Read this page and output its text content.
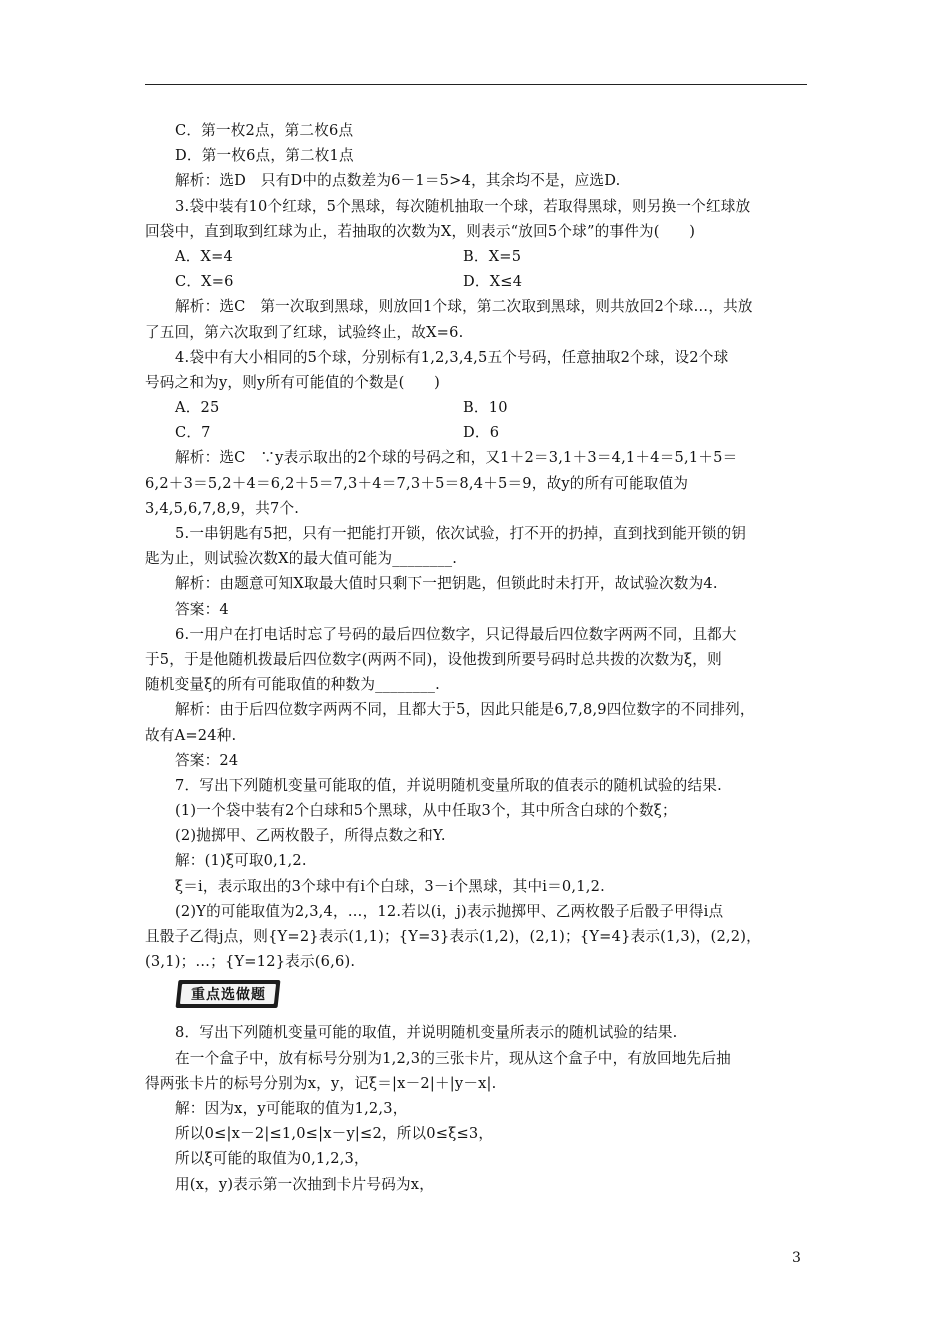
C．第一枚2点，第二枚6点
D．第一枚6点，第二枚1点
解析：选D　只有D中的点数差为6－1＝5>4，其余均不是，应选D.
3.袋中装有10个红球，5个黑球，每次随机抽取一个球，若取得黑球，则另换一个红球放
回袋中，直到取到红球为止，若抽取的次数为X，则表示“放回5个球”的事件为(　　)
A．X=4	B．X=5
C．X=6	D．X≤4
解析：选C　第一次取到黑球，则放回1个球，第二次取到黑球，则共放回2个球…，共放
了五回，第六次取到了红球，试验终止，故X=6.
4.袋中有大小相同的5个球，分别标有1,2,3,4,5五个号码，任意抽取2个球，设2个球
号码之和为y，则y所有可能值的个数是(　　)
A．25	B．10
C．7	D．6
解析：选C　∵y表示取出的2个球的号码之和，又1＋2＝3,1＋3＝4,1＋4＝5,1＋5＝
6,2＋3＝5,2＋4＝6,2＋5＝7,3＋4＝7,3＋5＝8,4＋5＝9，故y的所有可能取值为
3,4,5,6,7,8,9，共7个.
5.一串钥匙有5把，只有一把能打开锁，依次试验，打不开的扔掉，直到找到能开锁的钥
匙为止，则试验次数X的最大值可能为________.
解析：由题意可知X取最大值时只剩下一把钥匙，但锁此时未打开，故试验次数为4.
答案：4
6.一用户在打电话时忘了号码的最后四位数字，只记得最后四位数字两两不同，且都大
于5，于是他随机拨最后四位数字(两两不同)，设他拨到所要号码时总共拨的次数为ξ，则
随机变量ξ的所有可能取值的种数为________.
解析：由于后四位数字两两不同，且都大于5，因此只能是6,7,8,9四位数字的不同排列，
故有A=24种.
答案：24
7．写出下列随机变量可能取的值，并说明随机变量所取的值表示的随机试验的结果.
(1)一个袋中装有2个白球和5个黑球，从中任取3个，其中所含白球的个数ξ；
(2)抛掷甲、乙两枚骰子，所得点数之和Y.
解：(1)ξ可取0,1,2.
ξ＝i，表示取出的3个球中有i个白球，3－i个黑球，其中i＝0,1,2.
(2)Y的可能取值为2,3,4，…，12.若以(i，j)表示抛掷甲、乙两枚骰子后骰子甲得i点
且骰子乙得j点，则{Y=2}表示(1,1)；{Y=3}表示(1,2)，(2,1)；{Y=4}表示(1,3)，(2,2)，
(3,1)；…；{Y=12}表示(6,6).
重点选做题
8．写出下列随机变量可能的取值，并说明随机变量所表示的随机试验的结果.
在一个盒子中，放有标号分别为1,2,3的三张卡片，现从这个盒子中，有放回地先后抽
得两张卡片的标号分别为x，y，记ξ＝|x－2|＋|y－x|.
解：因为x，y可能取的值为1,2,3，
所以0≤|x－2|≤1,0≤|x－y|≤2，所以0≤ξ≤3，
所以ξ可能的取值为0,1,2,3，
用(x，y)表示第一次抽到卡片号码为x，
3
